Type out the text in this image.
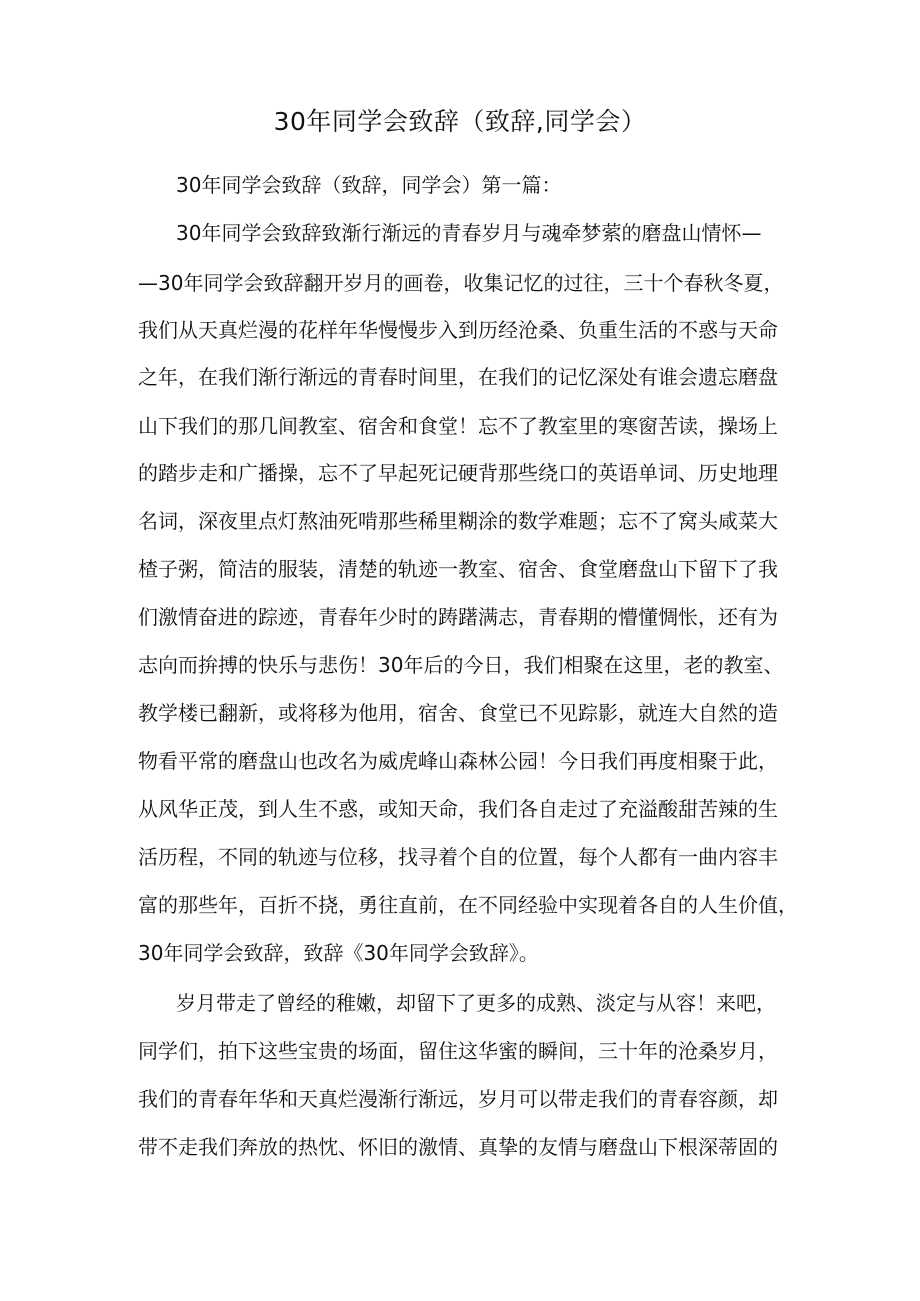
30年同学会致辞（致辞,同学会）
30年同学会致辞（致辞，同学会）第一篇：
30年同学会致辞致渐行渐远的青春岁月与魂牵梦萦的磨盘山情怀—
—30年同学会致辞翻开岁月的画卷，收集记忆的过往，三十个春秋冬夏，
我们从天真烂漫的花样年华慢慢步入到历经沧桑、负重生活的不惑与天命
之年，在我们渐行渐远的青春时间里，在我们的记忆深处有谁会遗忘磨盘
山下我们的那几间教室、宿舍和食堂！忘不了教室里的寒窗苦读，操场上
的踏步走和广播操，忘不了早起死记硬背那些绕口的英语单词、历史地理
名词，深夜里点灯熬油死啃那些稀里糊涂的数学难题；忘不了窝头咸菜大
楂子粥，简洁的服装，清楚的轨迹一教室、宿舍、食堂磨盘山下留下了我
们激情奋进的踪迹，青春年少时的踌躇满志，青春期的懵懂惆怅，还有为
志向而拚搏的快乐与悲伤！30年后的今日，我们相聚在这里，老的教室、
教学楼已翻新，或将移为他用，宿舍、食堂已不见踪影，就连大自然的造
物看平常的磨盘山也改名为威虎峰山森林公园！今日我们再度相聚于此，
从风华正茂，到人生不惑，或知天命，我们各自走过了充溢酸甜苦辣的生
活历程，不同的轨迹与位移，找寻着个自的位置，每个人都有一曲内容丰
富的那些年，百折不挠，勇往直前，在不同经验中实现着各自的人生价值，
30年同学会致辞，致辞《30年同学会致辞》。
岁月带走了曾经的稚嫩，却留下了更多的成熟、淡定与从容！来吧，
同学们，拍下这些宝贵的场面，留住这华蜜的瞬间，三十年的沧桑岁月，
我们的青春年华和天真烂漫渐行渐远，岁月可以带走我们的青春容颜，却
带不走我们奔放的热忱、怀旧的激情、真挚的友情与磨盘山下根深蒂固的
